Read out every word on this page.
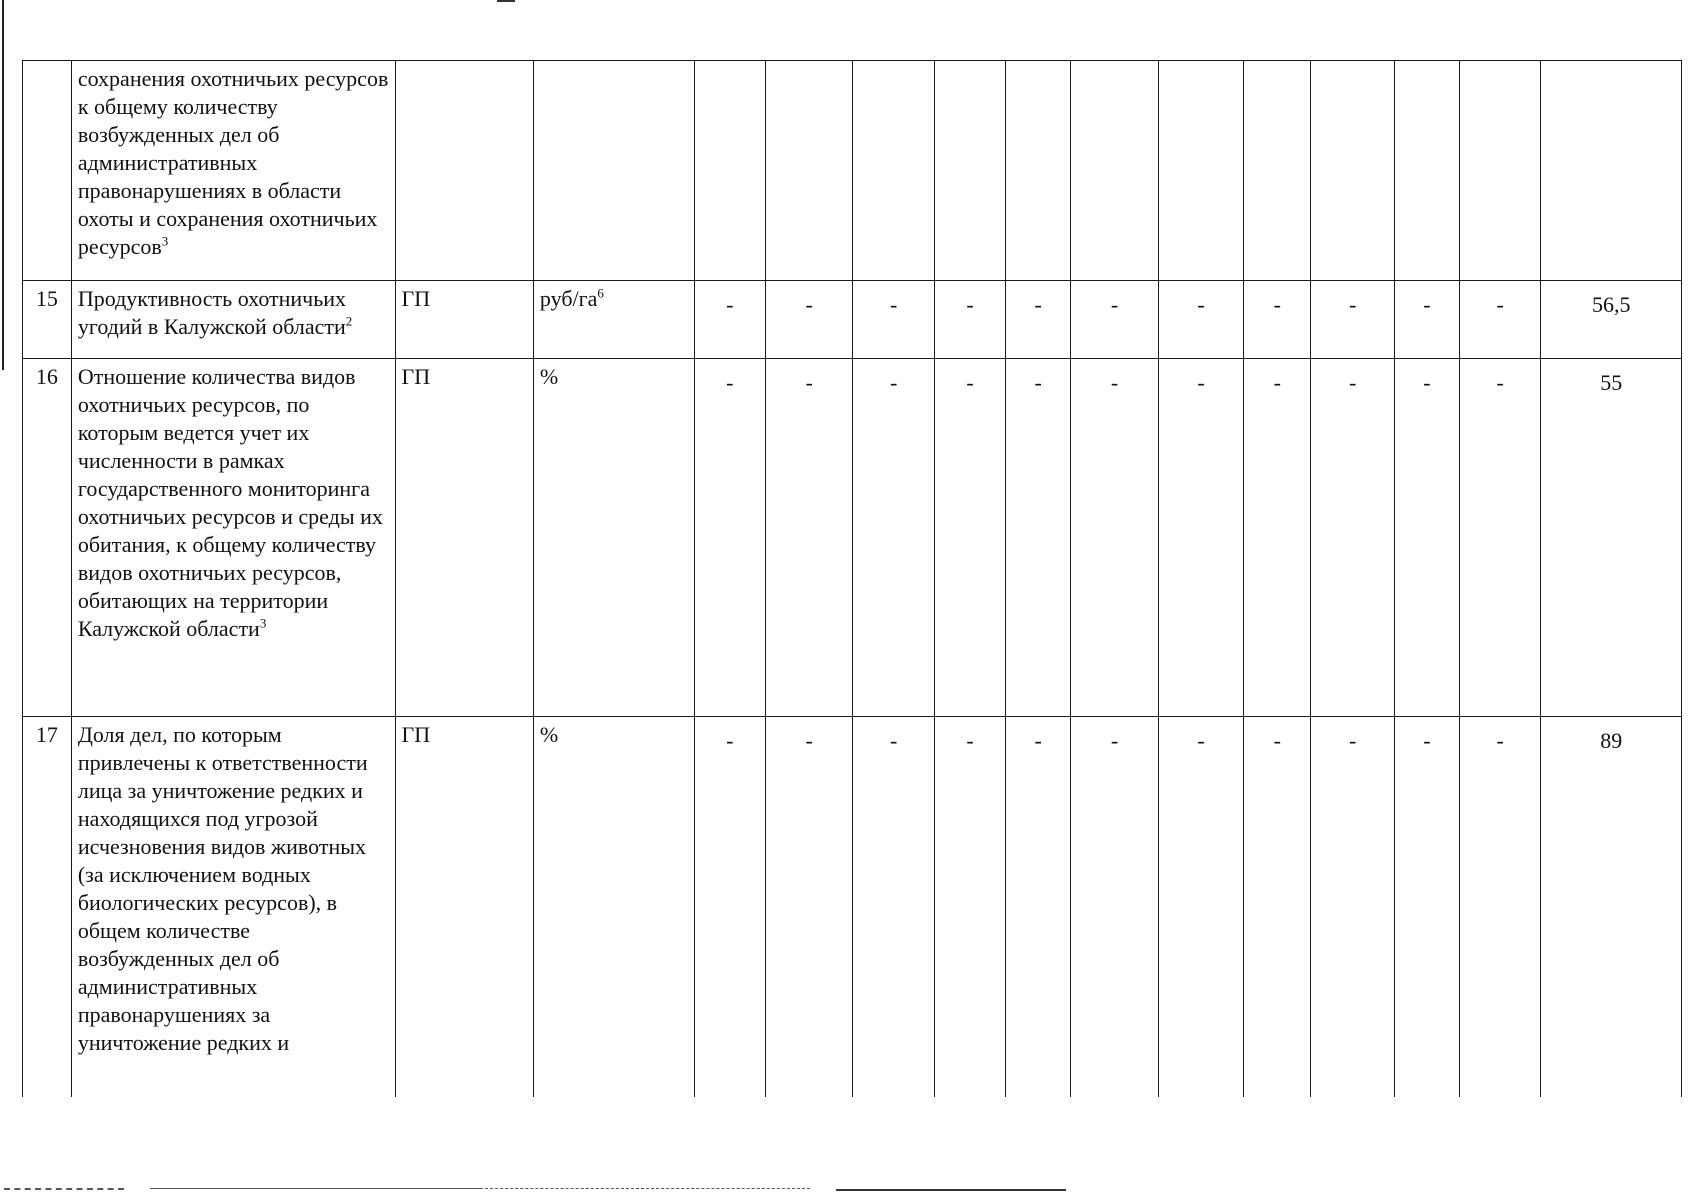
	сохранения охотничьих ресурсов к общему количеству возбужденных дел об административных правонарушениях в области охоты и сохранения охотничьих ресурсов$^3$														
15	Продуктивность охотничьих угодий в Калужской области$^2$	ГП	руб/$га^6$	-	-	-	-	-	-	-	-	-	-	-	56,5
16	Отношение количества видов охотничьих ресурсов, по которым ведется учет их численности в рамках государственного мониторинга охотничьих ресурсов и среды их обитания, к общему количеству видов охотничьих ресурсов, обитающих на территории Калужской области$^3$	ГП	%	-	-	-	-	-	-	-	-	-	-	-	55
17	Доля дел, по которым привлечены к ответственности лица за уничтожение редких и находящихся под угрозой исчезновения видов животных (за исключением водных биологических ресурсов), в общем количестве возбужденных дел об административных правонарушениях за уничтожение редких и	ГП	%	-	-	-	-	-	-	-	-	-	-	-	89
